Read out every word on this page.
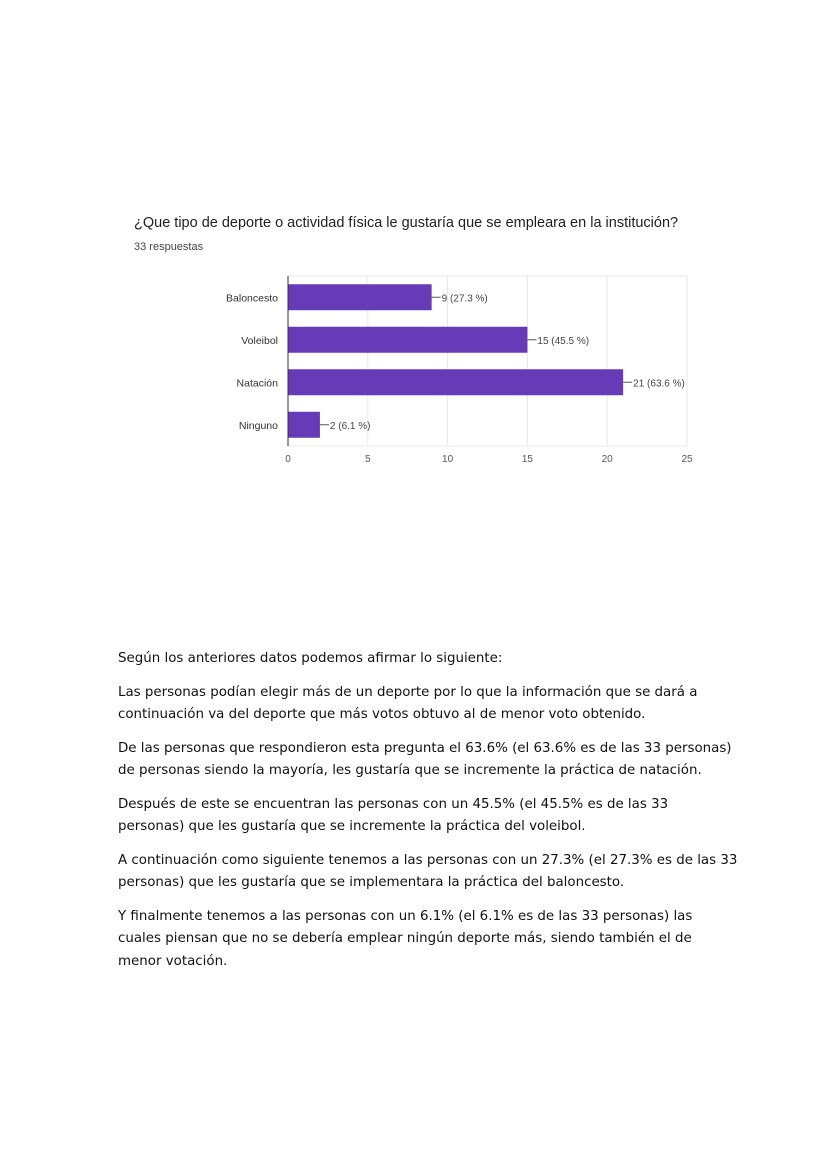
¿Que tipo de deporte o actividad física le gustaría que se empleara en la institución?
33 respuestas
0	5	10	15	20	25
Baloncesto	9 (27.3 %)
Voleibol	15 (45.5 %)
Natación	21 (63.6 %)
Ninguno	2 (6.1 %)

Según los anteriores datos podemos afirmar lo siguiente:

Las personas podían elegir más de un deporte por lo que la información que se dará a continuación va del deporte que más votos obtuvo al de menor voto obtenido.

De las personas que respondieron esta pregunta el 63.6% (el 63.6% es de las 33 personas) de personas siendo la mayoría, les gustaría que se incremente la práctica de natación.

Después de este se encuentran las personas con un 45.5% (el 45.5% es de las 33 personas) que les gustaría que se incremente la práctica del voleibol.

A continuación como siguiente tenemos a las personas con un 27.3% (el 27.3% es de las 33 personas) que les gustaría que se implementara la práctica del baloncesto.

Y finalmente tenemos a las personas con un 6.1% (el 6.1% es de las 33 personas) las cuales piensan que no se debería emplear ningún deporte más, siendo también el de menor votación.
